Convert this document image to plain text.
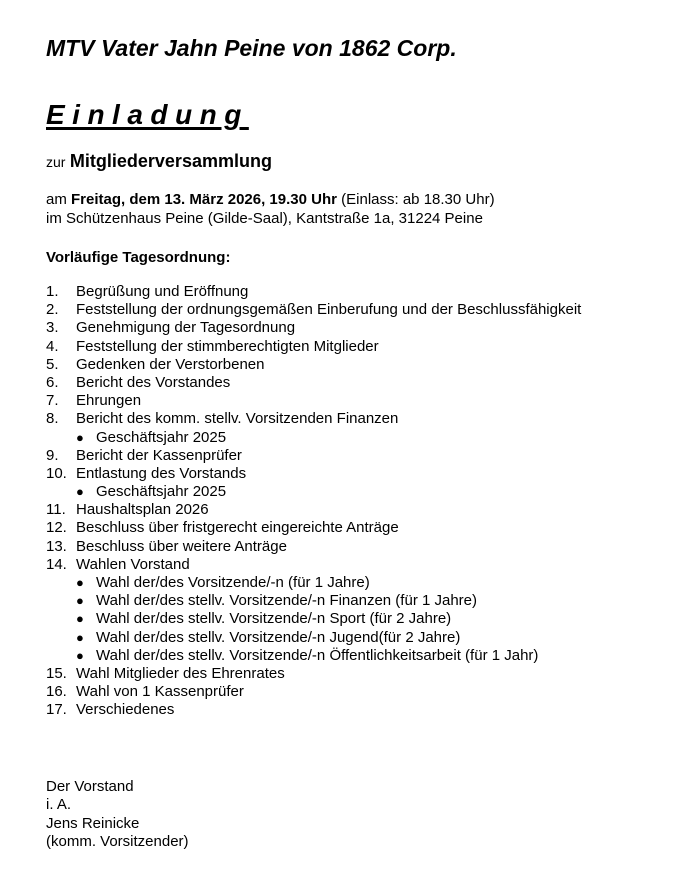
MTV Vater Jahn Peine von 1862 Corp.
Einladung
zur Mitgliederversammlung
am Freitag, dem 13. März 2026, 19.30 Uhr (Einlass: ab 18.30 Uhr)
im Schützenhaus Peine (Gilde-Saal), Kantstraße 1a, 31224 Peine
Vorläufige Tagesordnung:
1. Begrüßung und Eröffnung
2. Feststellung der ordnungsgemäßen Einberufung und der Beschlussfähigkeit
3. Genehmigung der Tagesordnung
4. Feststellung der stimmberechtigten Mitglieder
5. Gedenken der Verstorbenen
6. Bericht des Vorstandes
7. Ehrungen
8. Bericht des komm. stellv. Vorsitzenden Finanzen
● Geschäftsjahr 2025
9. Bericht der Kassenprüfer
10. Entlastung des Vorstands
● Geschäftsjahr 2025
11. Haushaltsplan 2026
12. Beschluss über fristgerecht eingereichte Anträge
13. Beschluss über weitere Anträge
14. Wahlen Vorstand
● Wahl der/des Vorsitzende/-n (für 1 Jahre)
● Wahl der/des stellv. Vorsitzende/-n Finanzen (für 1 Jahre)
● Wahl der/des stellv. Vorsitzende/-n Sport (für 2 Jahre)
● Wahl der/des stellv. Vorsitzende/-n Jugend(für 2 Jahre)
● Wahl der/des stellv. Vorsitzende/-n Öffentlichkeitsarbeit (für 1 Jahr)
15. Wahl Mitglieder des Ehrenrates
16. Wahl von 1 Kassenprüfer
17. Verschiedenes
Der Vorstand
i. A.
Jens Reinicke
(komm. Vorsitzender)
